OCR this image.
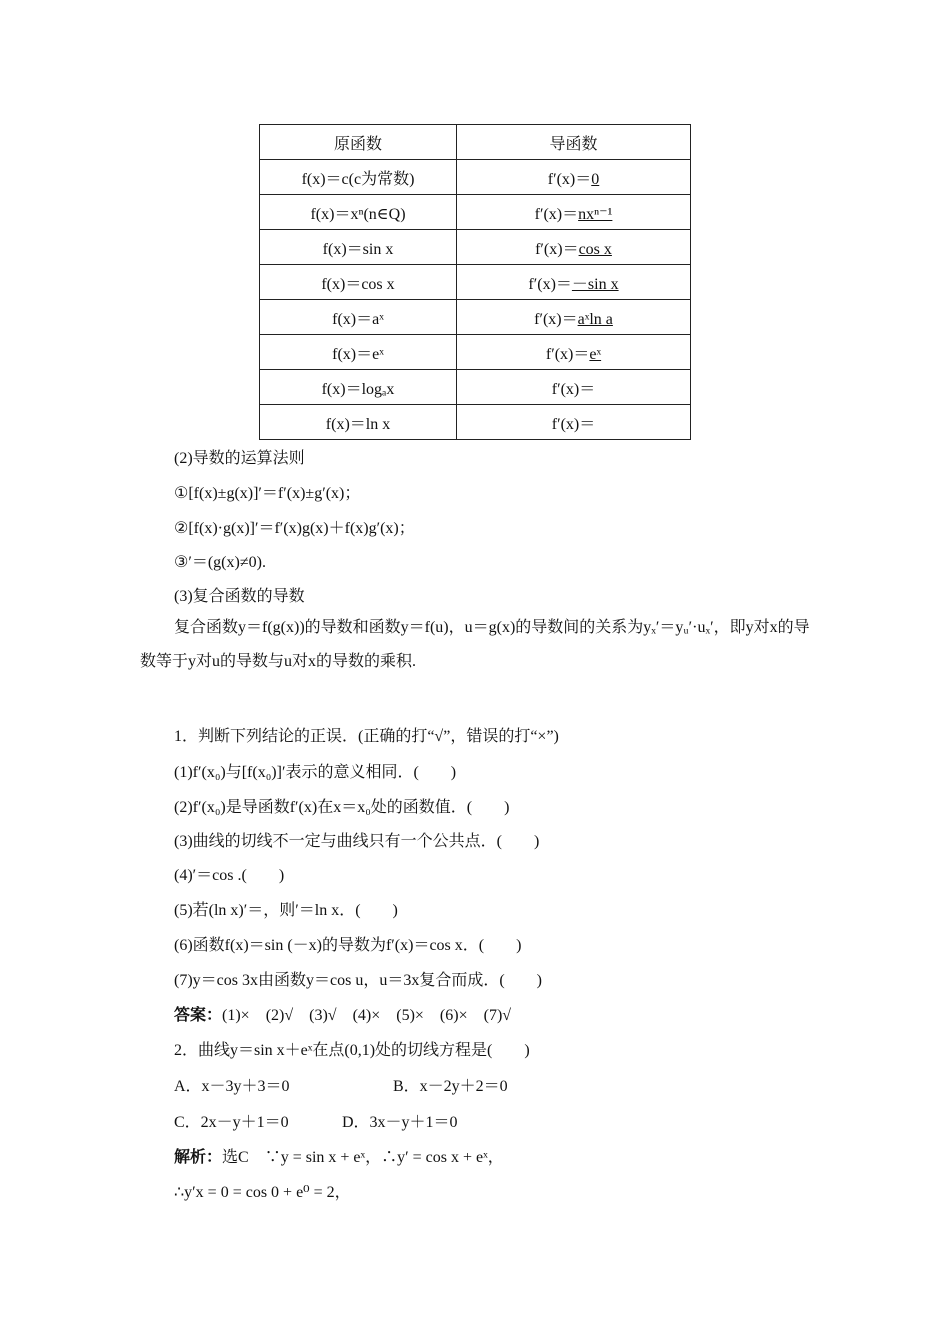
原函数	导函数
f(x)＝c(c为常数)	f′(x)＝0
f(x)＝xⁿ(n∈Q)	f′(x)＝nxⁿ⁻¹
f(x)＝sin x	f′(x)＝cos x
f(x)＝cos x	f′(x)＝－sin x
f(x)＝aˣ	f′(x)＝aˣln a
f(x)＝eˣ	f′(x)＝eˣ
f(x)＝logₐx	f′(x)＝
f(x)＝ln x	f′(x)＝
(2)导数的运算法则
①[f(x)±g(x)]′＝f′(x)±g′(x)；
②[f(x)·g(x)]′＝f′(x)g(x)＋f(x)g′(x)；
③′＝(g(x)≠0).
(3)复合函数的导数
复合函数y＝f(g(x))的导数和函数y＝f(u)，u＝g(x)的导数间的关系为yₓ′＝yᵤ′·uₓ′，即y对x的导数等于y对u的导数与u对x的导数的乘积.
1．判断下列结论的正误．(正确的打“√”，错误的打“×”)
(1)f′(x₀)与[f(x₀)]′表示的意义相同．(　　)
(2)f′(x₀)是导函数f′(x)在x＝x₀处的函数值．(　　)
(3)曲线的切线不一定与曲线只有一个公共点．(　　)
(4)′＝cos .(　　)
(5)若(ln x)′＝，则′＝ln x．(　　)
(6)函数f(x)＝sin (－x)的导数为f′(x)＝cos x．(　　)
(7)y＝cos 3x由函数y＝cos u，u＝3x复合而成．(　　)
答案：(1)×　(2)√　(3)√　(4)×　(5)×　(6)×　(7)√
2．曲线y＝sin x＋eˣ在点(0,1)处的切线方程是(　　)
A．x－3y＋3＝0	B．x－2y＋2＝0
C．2x－y＋1＝0	D．3x－y＋1＝0
解析：选C　∵y = sin x + eˣ，∴y′ = cos x + eˣ，
∴y′x = 0 = cos 0 + e⁰ = 2，
